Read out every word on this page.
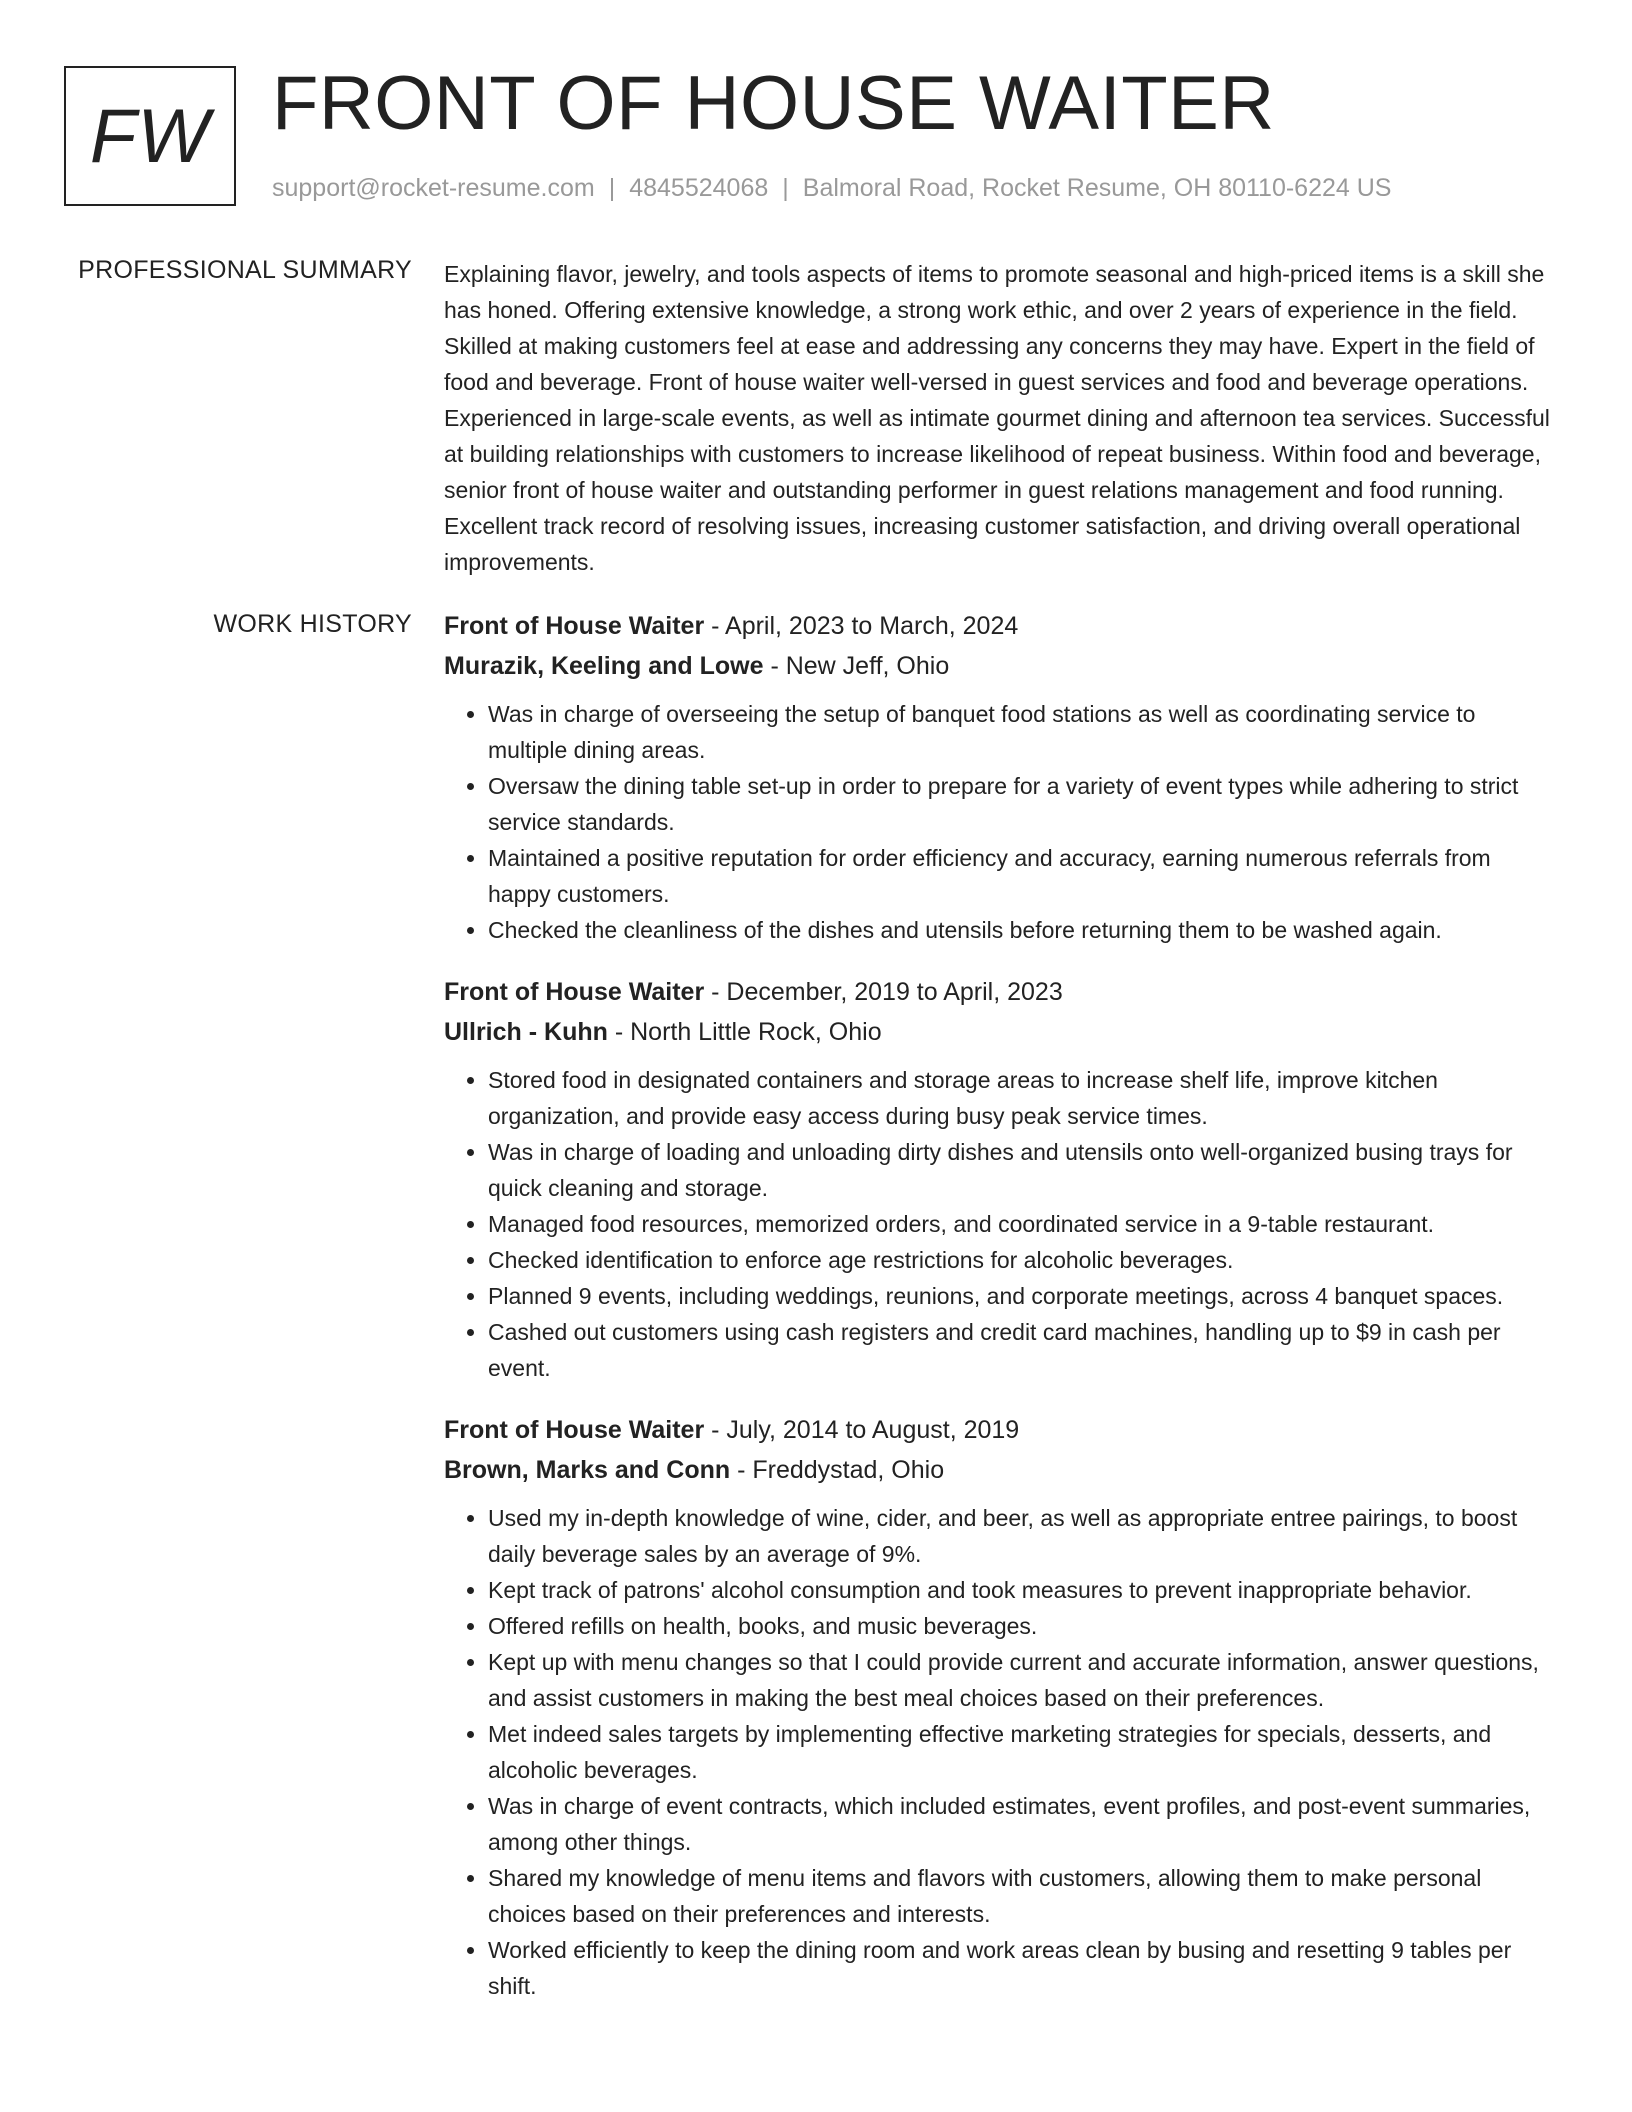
FW FRONT OF HOUSE WAITER
support@rocket-resume.com | 4845524068 | Balmoral Road, Rocket Resume, OH 80110-6224 US
PROFESSIONAL SUMMARY Explaining flavor, jewelry, and tools aspects of items to promote seasonal and high-priced items is a skill she has honed. Offering extensive knowledge, a strong work ethic, and over 2 years of experience in the field. Skilled at making customers feel at ease and addressing any concerns they may have. Expert in the field of food and beverage. Front of house waiter well-versed in guest services and food and beverage operations. Experienced in large-scale events, as well as intimate gourmet dining and afternoon tea services. Successful at building relationships with customers to increase likelihood of repeat business. Within food and beverage, senior front of house waiter and outstanding performer in guest relations management and food running. Excellent track record of resolving issues, increasing customer satisfaction, and driving overall operational improvements.

WORK HISTORY Front of House Waiter - April, 2023 to March, 2024
Murazik, Keeling and Lowe - New Jeff, Ohio
• Was in charge of overseeing the setup of banquet food stations as well as coordinating service to multiple dining areas.
• Oversaw the dining table set-up in order to prepare for a variety of event types while adhering to strict service standards.
• Maintained a positive reputation for order efficiency and accuracy, earning numerous referrals from happy customers.
• Checked the cleanliness of the dishes and utensils before returning them to be washed again.
Front of House Waiter - December, 2019 to April, 2023
Ullrich - Kuhn - North Little Rock, Ohio
• Stored food in designated containers and storage areas to increase shelf life, improve kitchen organization, and provide easy access during busy peak service times.
• Was in charge of loading and unloading dirty dishes and utensils onto well-organized busing trays for quick cleaning and storage.
• Managed food resources, memorized orders, and coordinated service in a 9-table restaurant.
• Checked identification to enforce age restrictions for alcoholic beverages.
• Planned 9 events, including weddings, reunions, and corporate meetings, across 4 banquet spaces.
• Cashed out customers using cash registers and credit card machines, handling up to $9 in cash per event.
Front of House Waiter - July, 2014 to August, 2019
Brown, Marks and Conn - Freddystad, Ohio
• Used my in-depth knowledge of wine, cider, and beer, as well as appropriate entree pairings, to boost daily beverage sales by an average of 9%.
• Kept track of patrons' alcohol consumption and took measures to prevent inappropriate behavior.
• Offered refills on health, books, and music beverages.
• Kept up with menu changes so that I could provide current and accurate information, answer questions, and assist customers in making the best meal choices based on their preferences.
• Met indeed sales targets by implementing effective marketing strategies for specials, desserts, and alcoholic beverages.
• Was in charge of event contracts, which included estimates, event profiles, and post-event summaries, among other things.
• Shared my knowledge of menu items and flavors with customers, allowing them to make personal choices based on their preferences and interests.
• Worked efficiently to keep the dining room and work areas clean by busing and resetting 9 tables per shift.
